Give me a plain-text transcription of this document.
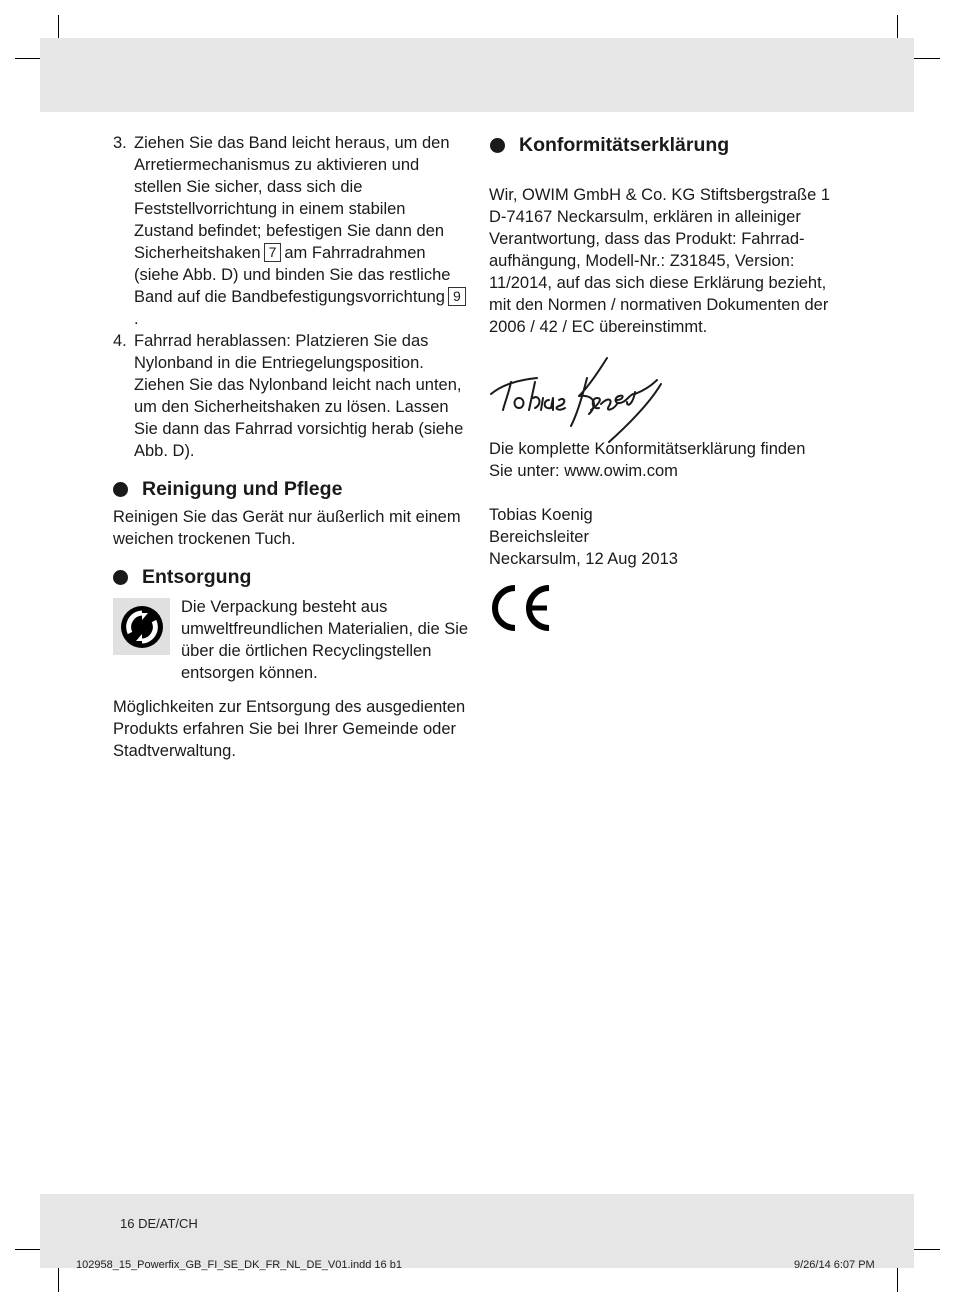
3. Ziehen Sie das Band leicht heraus, um den Arretiermechanismus zu aktivieren und stellen Sie sicher, dass sich die Feststellvorrichtung in einem stabilen Zustand befindet; befestigen Sie dann den Sicherheitshaken 7 am Fahrradrahmen (siehe Abb. D) und binden Sie das restliche Band auf die Bandbefestigungsvorrichtung 9.
4. Fahrrad herablassen: Platzieren Sie das Nylonband in die Entriegelungsposition. Ziehen Sie das Nylonband leicht nach unten, um den Sicherheitshaken zu lösen. Lassen Sie dann das Fahrrad vorsichtig herab (siehe Abb. D).
Reinigung und Pflege

Reinigen Sie das Gerät nur äußerlich mit einem weichen trockenen Tuch.

Entsorgung
Die Verpackung besteht aus umweltfreundlichen Materialien, die Sie über die örtlichen Recyclingstellen entsorgen können.

Möglichkeiten zur Entsorgung des ausgedienten Produkts erfahren Sie bei Ihrer Gemeinde oder Stadtverwaltung.

Konformitätserklärung

Wir, OWIM GmbH & Co. KG Stiftsbergstraße 1 D-74167 Neckarsulm, erklären in alleiniger Verantwortung, dass das Produkt: Fahrrad-aufhängung, Modell-Nr.: Z31845, Version: 11/2014, auf das sich diese Erklärung bezieht, mit den Normen / normativen Dokumenten der 2006 / 42 / EC übereinstimmt.

Die komplette Konformitätserklärung finden
Sie unter: www.owim.com
Tobias Koenig
Bereichsleiter
Neckarsulm, 12 Aug 2013
16 DE/AT/CH
102958_15_Powerfix_GB_FI_SE_DK_FR_NL_DE_V01.indd 16 b1	9/26/14 6:07 PM
